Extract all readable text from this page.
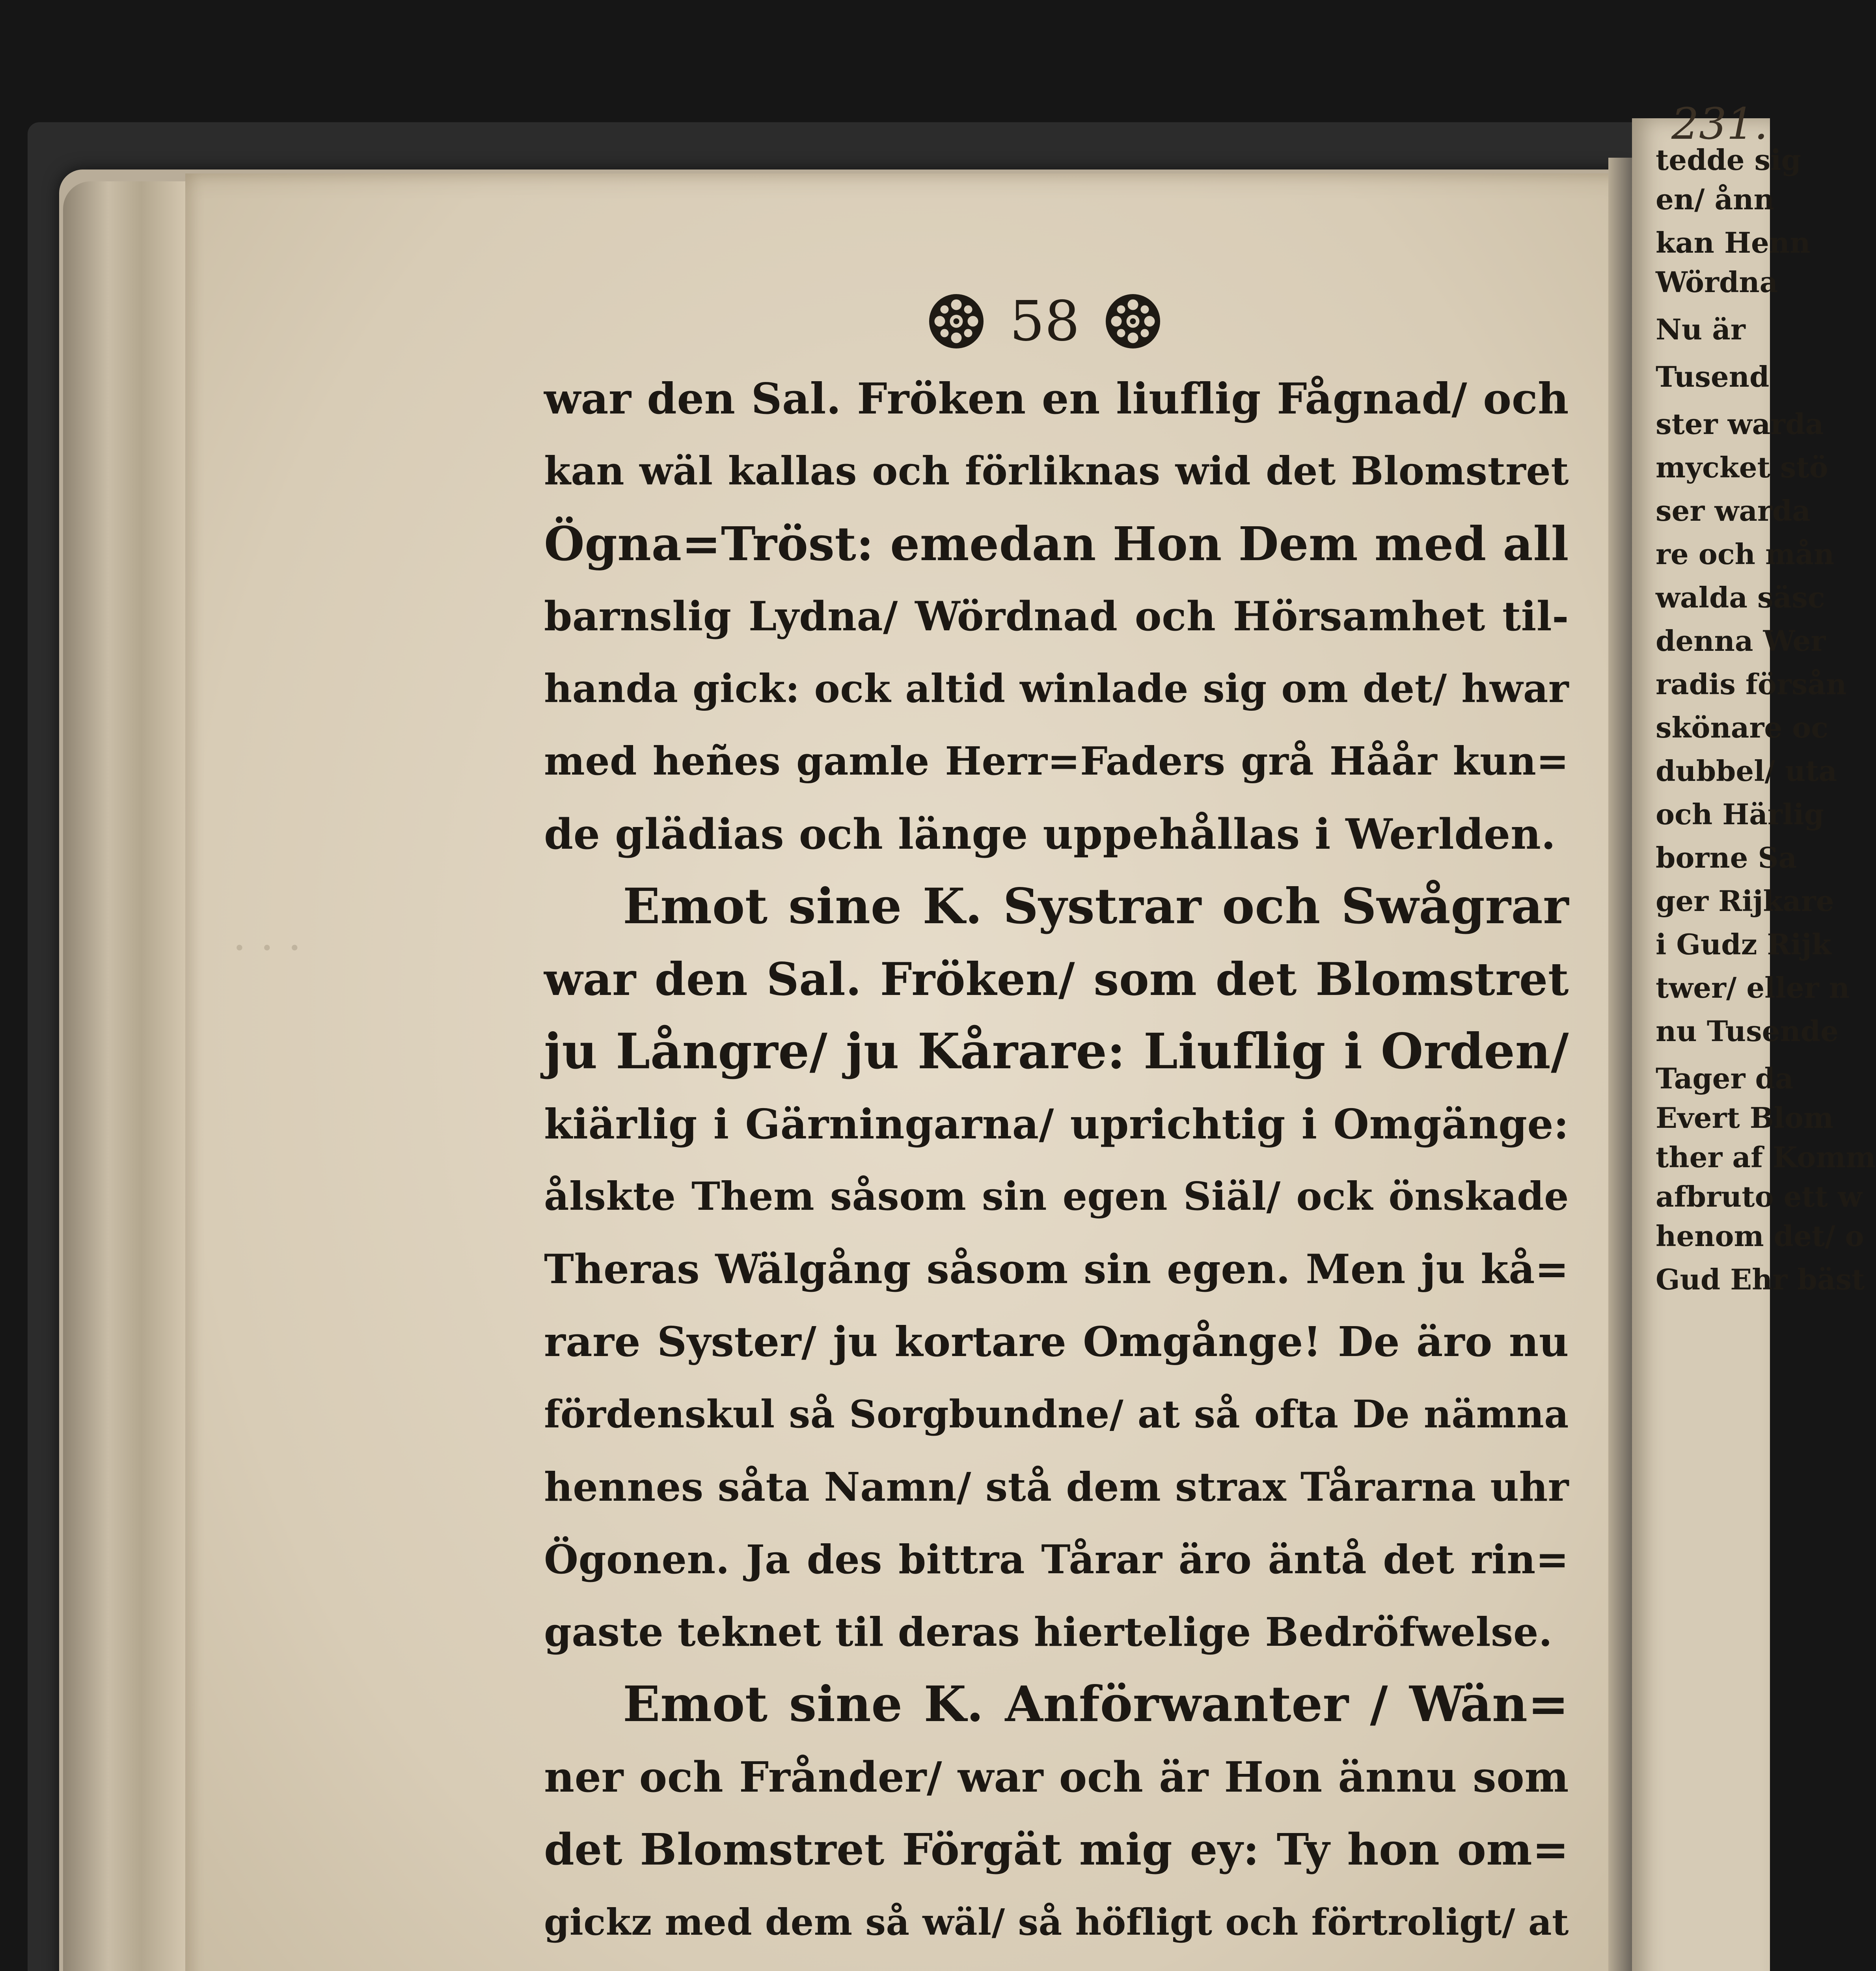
· · ·
tedde sig
en/ ånn
kan Henn
Wördna
Nu är
Tusend
ster warda
mycket stö
ser warda
re och mån
walda säsc
denna Wer
radis försån
skönare oc
dubbel/ uta
och Härlig
borne Sa
ger Rijkare
i Gudz Rijk
twer/ eller n
nu Tusende
Tager da
Evert Blom
ther af Komm
afbruto ett w
henom det/ o
Gud Ehr bäst
231.
58
war den Sal. Fröken en liuflig Fågnad/ och
kan wäl kallas och förliknas wid det Blomstret
Ögna=Tröst: emedan Hon Dem med all
barnslig Lydna/ Wördnad och Hörsamhet til-
handa gick: ock altid winlade sig om det/ hwar
med heñes gamle Herr=Faders grå Håår kun=
de glädias och länge uppehållas i Werlden.
Emot sine K. Systrar och Swågrar
war den Sal. Fröken/ som det Blomstret
ju Långre/ ju Kårare: Liuflig i Orden/
kiärlig i Gärningarna/ uprichtig i Omgänge:
ålskte Them såsom sin egen Siäl/ ock önskade
Theras Wälgång såsom sin egen. Men ju kå=
rare Syster/ ju kortare Omgånge! De äro nu
fördenskul så Sorgbundne/ at så ofta De nämna
hennes såta Namn/ stå dem strax Tårarna uhr
Ögonen. Ja des bittra Tårar äro äntå det rin=
gaste teknet til deras hiertelige Bedröfwelse.
Emot sine K. Anförwanter / Wän=
ner och Frånder/ war och är Hon ännu som
det Blomstret Förgät mig ey: Ty hon om=
gickz med dem så wäl/ så höfligt och förtroligt/ at
